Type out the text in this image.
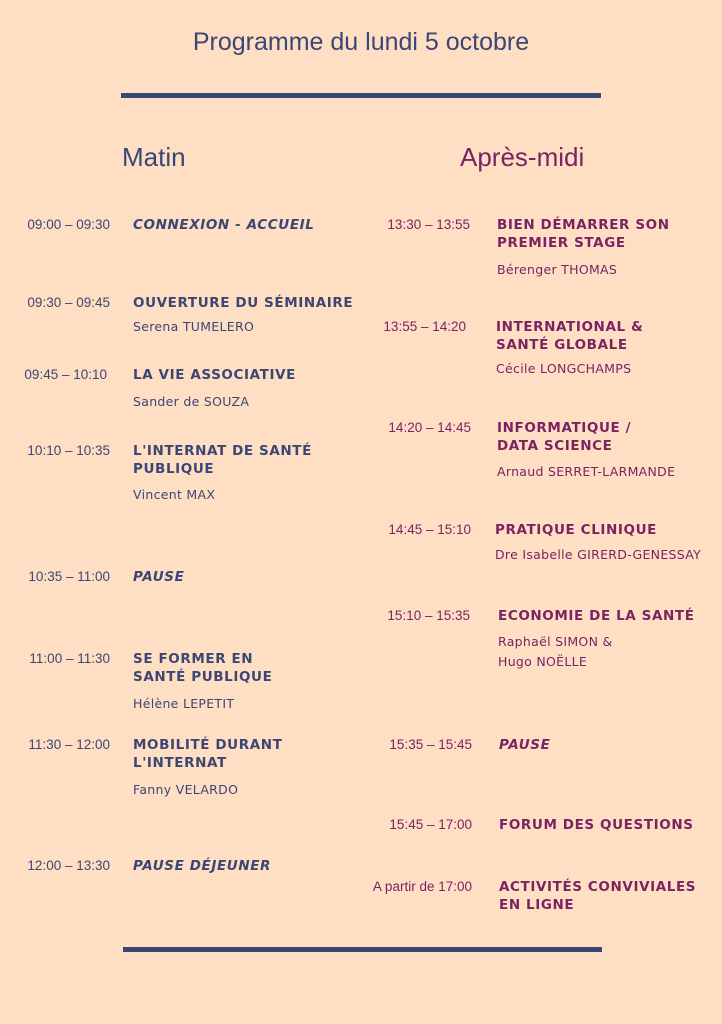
Programme du lundi 5 octobre
Matin	Après-midi
09:00 – 09:30 CONNEXION - ACCUEIL
09:30 – 09:45 OUVERTURE DU SÉMINAIRE
Serena TUMELERO
09:45 – 10:10 LA VIE ASSOCIATIVE
Sander de SOUZA
10:10 – 10:35 L'INTERNAT DE SANTÉ
PUBLIQUE
Vincent MAX
10:35 – 11:00 PAUSE
11:00 – 11:30 SE FORMER EN
SANTÉ PUBLIQUE
Hélène LEPETIT
11:30 – 12:00 MOBILITÉ DURANT
L'INTERNAT
Fanny VELARDO
12:00 – 13:30 PAUSE DÉJEUNER
13:30 – 13:55 BIEN DÉMARRER SON
PREMIER STAGE
Bérenger THOMAS
13:55 – 14:20 INTERNATIONAL &
SANTÉ GLOBALE
Cécile LONGCHAMPS
14:20 – 14:45 INFORMATIQUE /
DATA SCIENCE
Arnaud SERRET-LARMANDE
14:45 – 15:10 PRATIQUE CLINIQUE
Dre Isabelle GIRERD-GENESSAY
15:10 – 15:35 ECONOMIE DE LA SANTÉ
Raphaël SIMON &
Hugo NOËLLE
15:35 – 15:45 PAUSE
15:45 – 17:00 FORUM DES QUESTIONS
A partir de 17:00 ACTIVITÉS CONVIVIALES
EN LIGNE
